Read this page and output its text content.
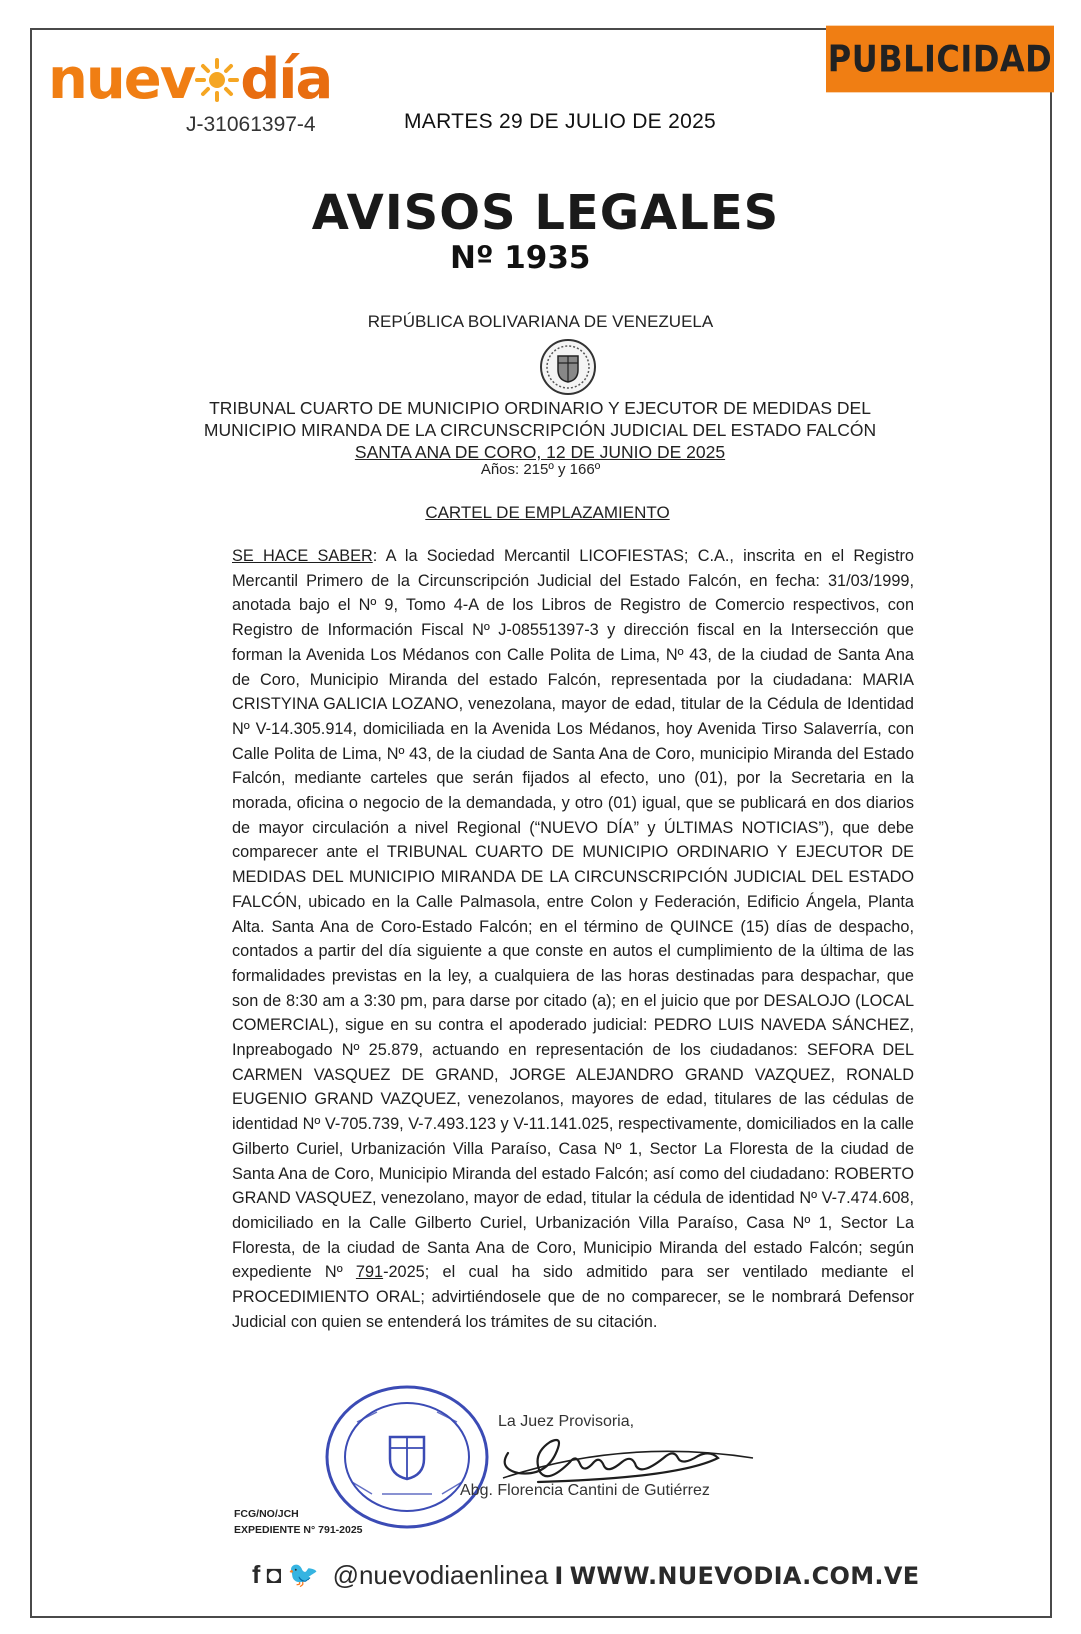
nuev día
J-31061397-4	MARTES 29 DE JULIO DE 2025
PUBLICIDAD
AVISOS LEGALES
Nº 1935
REPÚBLICA BOLIVARIANA DE VENEZUELA
TRIBUNAL CUARTO DE MUNICIPIO ORDINARIO Y EJECUTOR DE MEDIDAS DEL
MUNICIPIO MIRANDA DE LA CIRCUNSCRIPCIÓN JUDICIAL DEL ESTADO FALCÓN
SANTA ANA DE CORO, 12 DE JUNIO DE 2025
Años: 215º y 166º
CARTEL DE EMPLAZAMIENTO

SE HACE SABER: A la Sociedad Mercantil LICOFIESTAS; C.A., inscrita en el Registro Mercantil Primero de la Circunscripción Judicial del Estado Falcón, en fecha: 31/03/1999, anotada bajo el Nº 9, Tomo 4-A de los Libros de Registro de Comercio respectivos, con Registro de Información Fiscal Nº J-08551397-3 y dirección fiscal en la Intersección que forman la Avenida Los Médanos con Calle Polita de Lima, Nº 43, de la ciudad de Santa Ana de Coro, Municipio Miranda del estado Falcón, representada por la ciudadana: MARIA CRISTYINA GALICIA LOZANO, venezolana, mayor de edad, titular de la Cédula de Identidad Nº V-14.305.914, domiciliada en la Avenida Los Médanos, hoy Avenida Tirso Salaverría, con Calle Polita de Lima, Nº 43, de la ciudad de Santa Ana de Coro, municipio Miranda del Estado Falcón, mediante carteles que serán fijados al efecto, uno (01), por la Secretaria en la morada, oficina o negocio de la demandada, y otro (01) igual, que se publicará en dos diarios de mayor circulación a nivel Regional (“NUEVO DÍA” y ÚLTIMAS NOTICIAS”), que debe comparecer ante el TRIBUNAL CUARTO DE MUNICIPIO ORDINARIO Y EJECUTOR DE MEDIDAS DEL MUNICIPIO MIRANDA DE LA CIRCUNSCRIPCIÓN JUDICIAL DEL ESTADO FALCÓN, ubicado en la Calle Palmasola, entre Colon y Federación, Edificio Ángela, Planta Alta. Santa Ana de Coro-Estado Falcón; en el término de QUINCE (15) días de despacho, contados a partir del día siguiente a que conste en autos el cumplimiento de la última de las formalidades previstas en la ley, a cualquiera de las horas destinadas para despachar, que son de 8:30 am a 3:30 pm, para darse por citado (a); en el juicio que por DESALOJO (LOCAL COMERCIAL), sigue en su contra el apoderado judicial: PEDRO LUIS NAVEDA SÁNCHEZ, Inpreabogado Nº 25.879, actuando en representación de los ciudadanos: SEFORA DEL CARMEN VASQUEZ DE GRAND, JORGE ALEJANDRO GRAND VAZQUEZ, RONALD EUGENIO GRAND VAZQUEZ, venezolanos, mayores de edad, titulares de las cédulas de identidad Nº V-705.739, V-7.493.123 y V-11.141.025, respectivamente, domiciliados en la calle Gilberto Curiel, Urbanización Villa Paraíso, Casa Nº 1, Sector La Floresta de la ciudad de Santa Ana de Coro, Municipio Miranda del estado Falcón; así como del ciudadano: ROBERTO GRAND VASQUEZ, venezolano, mayor de edad, titular la cédula de identidad Nº V-7.474.608, domiciliado en la Calle Gilberto Curiel, Urbanización Villa Paraíso, Casa Nº 1, Sector La Floresta, de la ciudad de Santa Ana de Coro, Municipio Miranda del estado Falcón; según expediente Nº 791-2025; el cual ha sido admitido para ser ventilado mediante el PROCEDIMIENTO ORAL; advirtiéndosele que de no comparecer, se le nombrará Defensor Judicial con quien se entenderá los trámites de su citación.

La Juez Provisoria,
Abg. Florencia Cantini de Gutiérrez
FCG/NO/JCH
EXPEDIENTE N° 791-2025
f ◘ 🐦 @nuevodiaenlinea I WWW.NUEVODIA.COM.VE
